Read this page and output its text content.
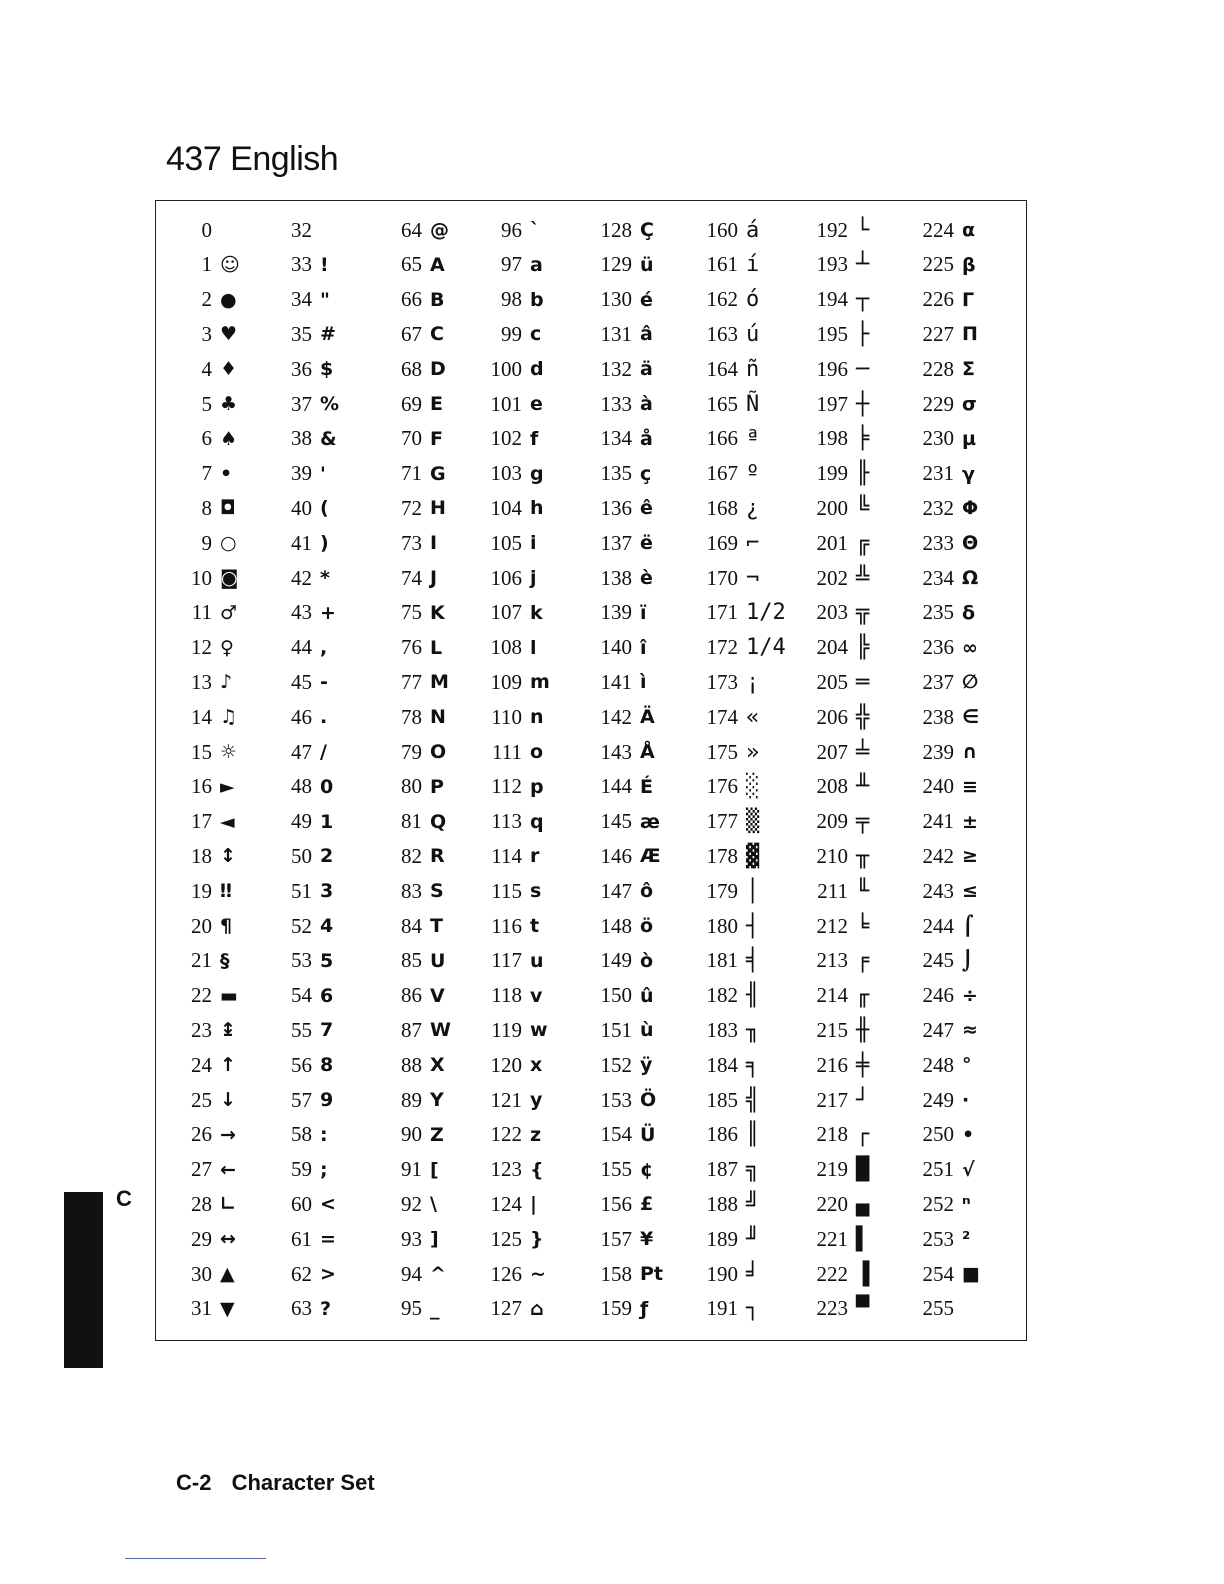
437 English
0
1 ☺
2 ●
3 ♥
4 ♦
5 ♣
6 ♠
7 •
8 ◘
9 ○
10 ◙
11 ♂
12 ♀
13 ♪
14 ♫
15 ☼
16 ►
17 ◄
18 ↕
19 ‼
20 ¶
21 §
22 ▬
23 ↨
24 ↑
25 ↓
26 →
27 ←
28 ∟
29 ↔
30 ▲
31 ▼
32
33 !
34 "
35 #
36 $
37 %
38 &
39 '
40 (
41 )
42 *
43 +
44 ,
45 -
46 .
47 /
48 0
49 1
50 2
51 3
52 4
53 5
54 6
55 7
56 8
57 9
58 :
59 ;
60 <
61 =
62 >
63 ?
64 @
65 A
66 B
67 C
68 D
69 E
70 F
71 G
72 H
73 I
74 J
75 K
76 L
77 M
78 N
79 O
80 P
81 Q
82 R
83 S
84 T
85 U
86 V
87 W
88 X
89 Y
90 Z
91 [
92 \
93 ]
94 ^
95 _
96 `
97 a
98 b
99 c
100 d
101 e
102 f
103 g
104 h
105 i
106 j
107 k
108 l
109 m
110 n
111 o
112 p
113 q
114 r
115 s
116 t
117 u
118 v
119 w
120 x
121 y
122 z
123 {
124 |
125 }
126 ~
127 ⌂
128 Ç
129 ü
130 é
131 â
132 ä
133 à
134 å
135 ç
136 ê
137 ë
138 è
139 ï
140 î
141 ì
142 Ä
143 Å
144 É
145 æ
146 Æ
147 ô
148 ö
149 ò
150 û
151 ù
152 ÿ
153 Ö
154 Ü
155 ¢
156 £
157 ¥
158 Pt
159 ƒ
160 á
161 í
162 ó
163 ú
164 ñ
165 Ñ
166 ª
167 º
168 ¿
169 ⌐
170 ¬
171 1/2
172 1/4
173 ¡
174 «
175 »
176 ░
177 ▒
178 ▓
179 │
180 ┤
181 ╡
182 ╢
183 ╖
184 ╕
185 ╣
186 ║
187 ╗
188 ╝
189 ╜
190 ╛
191 ┐
192 └
193 ┴
194 ┬
195 ├
196 ─
197 ┼
198 ╞
199 ╟
200 ╚
201 ╔
202 ╩
203 ╦
204 ╠
205 ═
206 ╬
207 ╧
208 ╨
209 ╤
210 ╥
211 ╙
212 ╘
213 ╒
214 ╓
215 ╫
216 ╪
217 ┘
218 ┌
219 █
220 ▄
221 ▌
222 ▐
223 ▀
224 α
225 β
226 Γ
227 Π
228 Σ
229 σ
230 µ
231 γ
232 Φ
233 Θ
234 Ω
235 δ
236 ∞
237 ∅
238 ∈
239 ∩
240 ≡
241 ±
242 ≥
243 ≤
244 ⌠
245 ⌡
246 ÷
247 ≈
248 °
249 ·
250 •
251 √
252 ⁿ
253 ²
254 ■
255
C
C-2 Character Set
